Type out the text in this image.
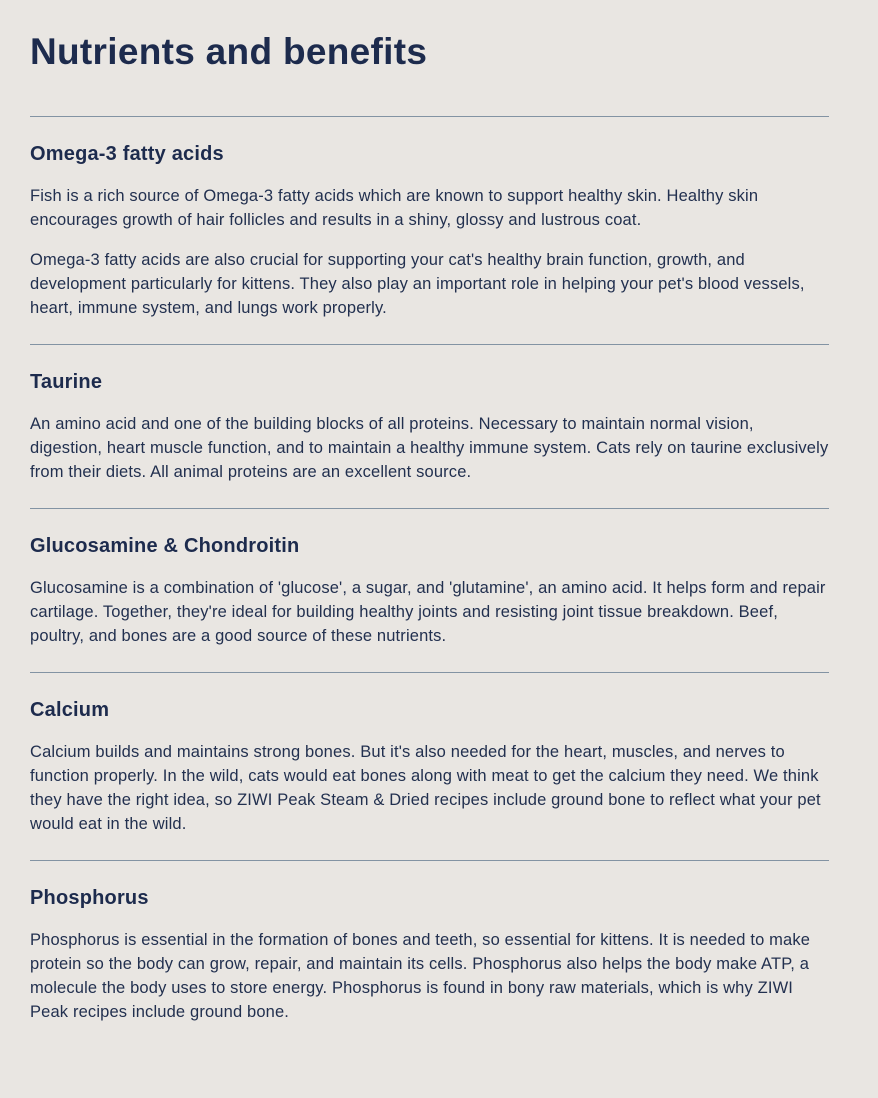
Nutrients and benefits
Omega-3 fatty acids

Fish is a rich source of Omega-3 fatty acids which are known to support healthy skin. Healthy skin encourages growth of hair follicles and results in a shiny, glossy and lustrous coat.

Omega-3 fatty acids are also crucial for supporting your cat's healthy brain function, growth, and development particularly for kittens. They also play an important role in helping your pet's blood vessels, heart, immune system, and lungs work properly.

Taurine

An amino acid and one of the building blocks of all proteins. Necessary to maintain normal vision, digestion, heart muscle function, and to maintain a healthy immune system. Cats rely on taurine exclusively from their diets. All animal proteins are an excellent source.

Glucosamine & Chondroitin

Glucosamine is a combination of 'glucose', a sugar, and 'glutamine', an amino acid. It helps form and repair cartilage. Together, they're ideal for building healthy joints and resisting joint tissue breakdown. Beef, poultry, and bones are a good source of these nutrients.

Calcium

Calcium builds and maintains strong bones. But it's also needed for the heart, muscles, and nerves to function properly. In the wild, cats would eat bones along with meat to get the calcium they need. We think they have the right idea, so ZIWI Peak Steam & Dried recipes include ground bone to reflect what your pet would eat in the wild.

Phosphorus

Phosphorus is essential in the formation of bones and teeth, so essential for kittens. It is needed to make protein so the body can grow, repair, and maintain its cells. Phosphorus also helps the body make ATP, a molecule the body uses to store energy. Phosphorus is found in bony raw materials, which is why ZIWI Peak recipes include ground bone.
